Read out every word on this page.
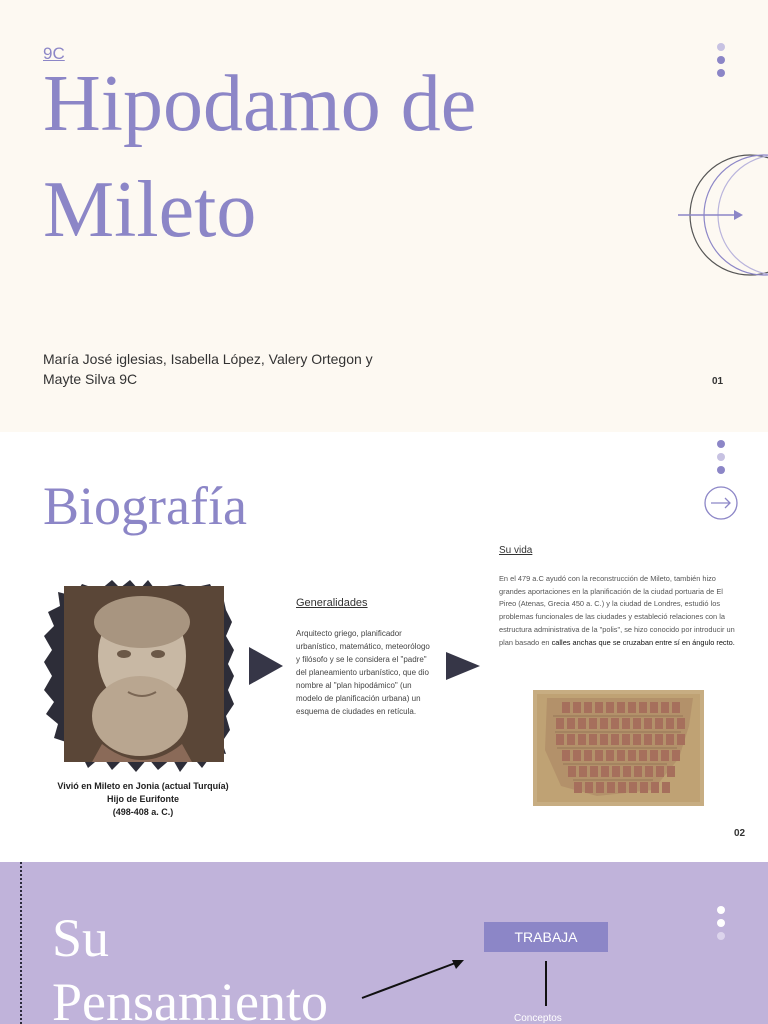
9C
Hipodamo de
Mileto
María José iglesias, Isabella López, Valery Ortegon y
Mayte Silva 9C	01
Biografía
Vivió en Mileto en Jonia (actual Turquía)
Hijo de Eurifonte
(498-408 a. C.)
Generalidades
Arquitecto griego, planificador urbanístico, matemático, meteorólogo y filósofo y se le considera el "padre" del planeamiento urbanístico, que dio nombre al "plan hipodámico" (un modelo de planificación urbana) un esquema de ciudades en retícula.
Su vida
En el 479 a.C ayudó con la reconstrucción de Mileto, también hizo grandes aportaciones en la planificación de la ciudad portuaria de El Pireo (Atenas, Grecia 450 a. C.) y la ciudad de Londres, estudió los problemas funcionales de las ciudades y estableció relaciones con la estructura administrativa de la "polis", se hizo conocido por introducir un plan basado en calles anchas que se cruzaban entre sí en ángulo recto.
02
Su
Pensamiento
TRABAJA
Conceptos
